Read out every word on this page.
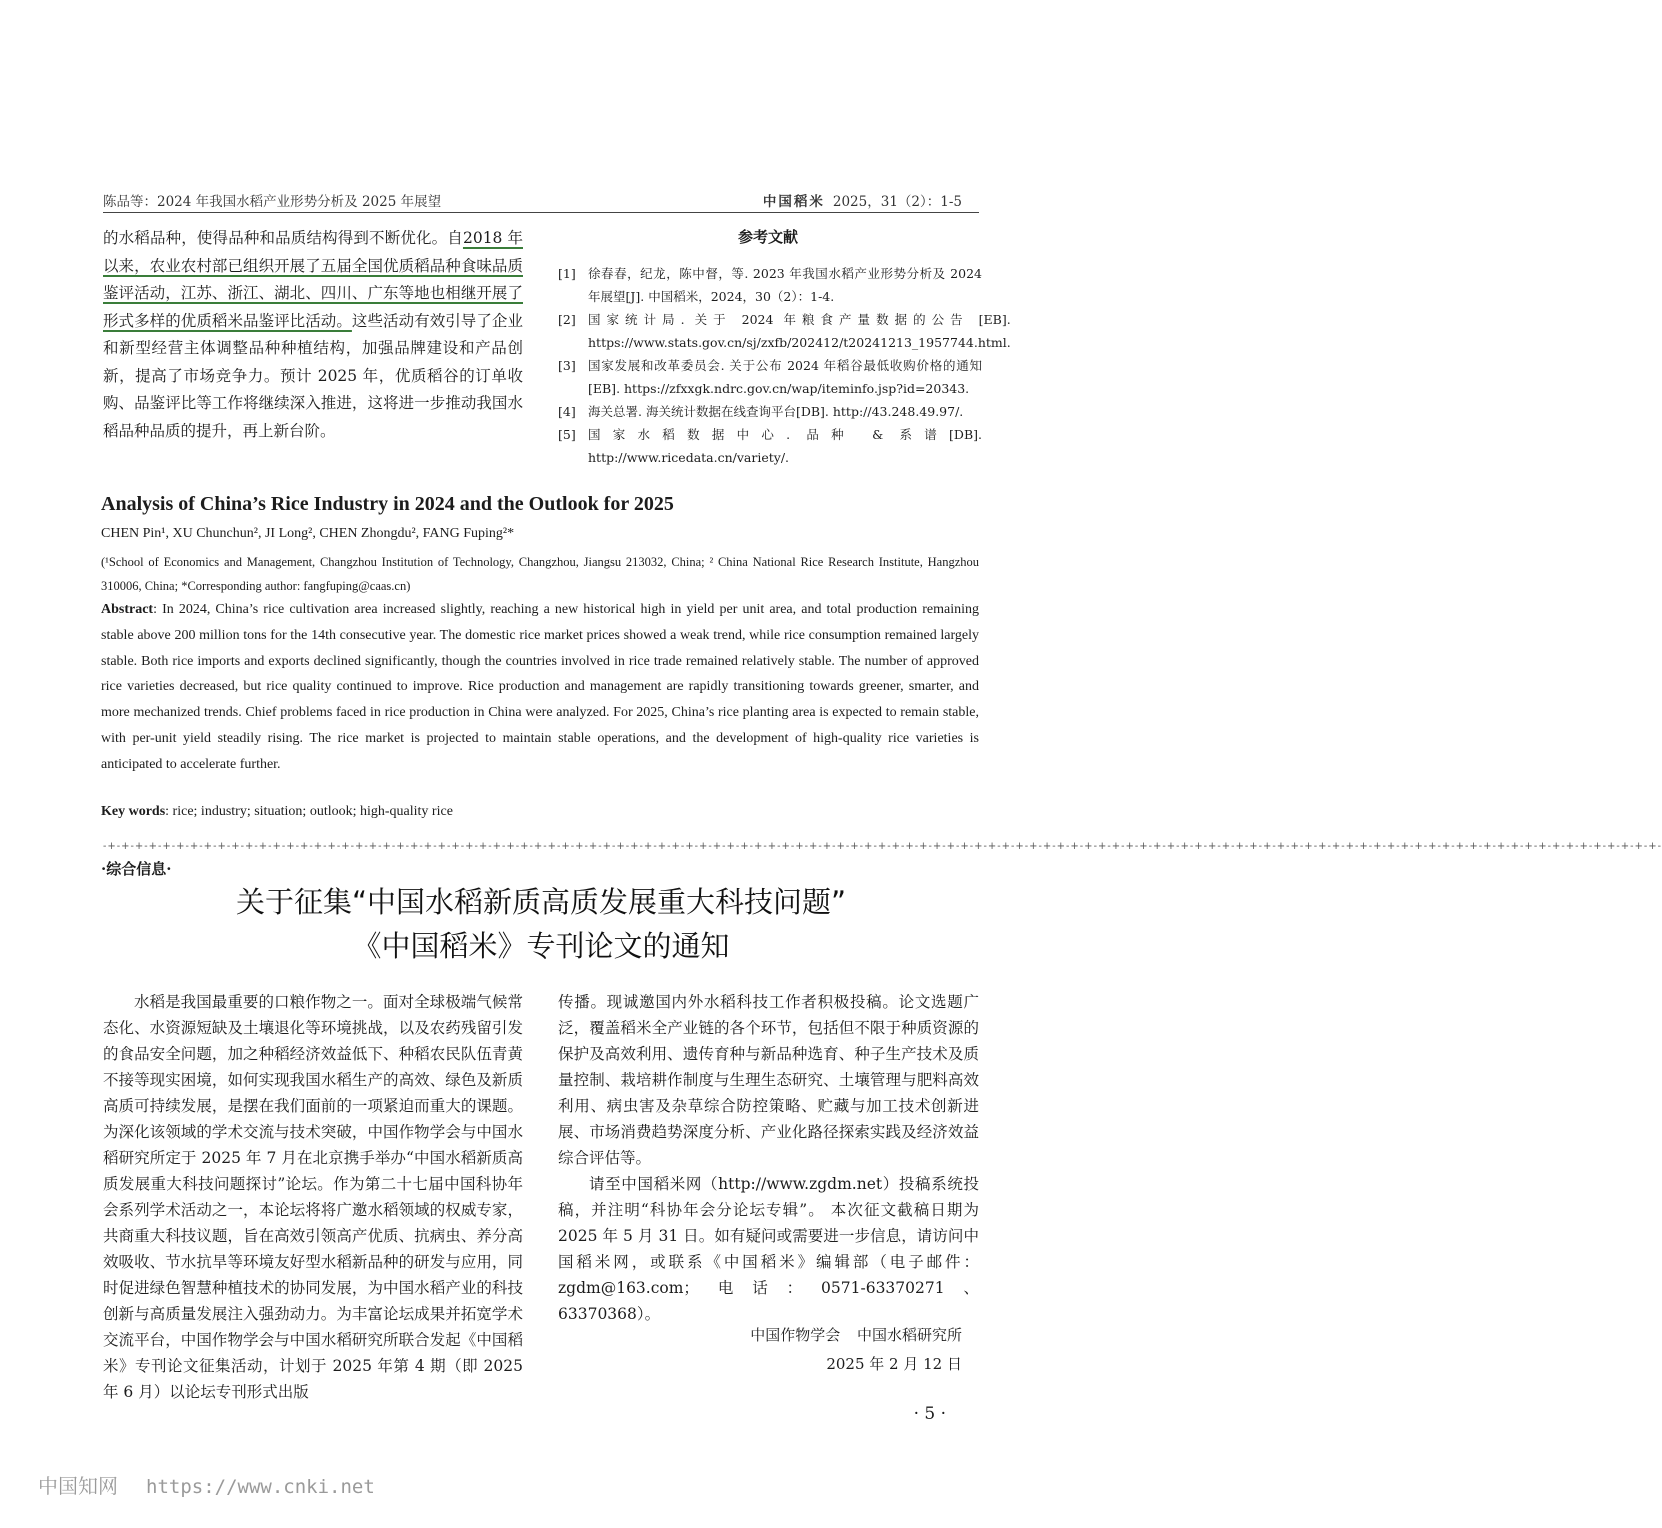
陈品等：2024 年我国水稻产业形势分析及 2025 年展望	中国稻米 2025，31（2）：1-5
的水稻品种，使得品种和品质结构得到不断优化。自2018 年以来，农业农村部已组织开展了五届全国优质稻品种食味品质鉴评活动，江苏、浙江、湖北、四川、广东等地也相继开展了形式多样的优质稻米品鉴评比活动。这些活动有效引导了企业和新型经营主体调整品种种植结构，加强品牌建设和产品创新，提高了市场竞争力。预计 2025 年，优质稻谷的订单收购、品鉴评比等工作将继续深入推进，这将进一步推动我国水稻品种品质的提升，再上新台阶。
参考文献
[1] 徐春春，纪龙，陈中督，等. 2023 年我国水稻产业形势分析及 2024 年展望[J]. 中国稻米，2024，30（2）：1-4.
[2] 国家统计局. 关于 2024 年粮食产量数据的公告 [EB]. https://www.stats.gov.cn/sj/zxfb/202412/t20241213_1957744.html.
[3] 国家发展和改革委员会. 关于公布 2024 年稻谷最低收购价格的通知[EB]. https://zfxxgk.ndrc.gov.cn/wap/iteminfo.jsp?id=20343.
[4] 海关总署. 海关统计数据在线查询平台[DB]. http://43.248.49.97/.
[5] 国家水稻数据中心. 品种 & 系谱[DB]. http://www.ricedata.cn/variety/.
Analysis of China’s Rice Industry in 2024 and the Outlook for 2025
CHEN Pin¹, XU Chunchun², JI Long², CHEN Zhongdu², FANG Fuping²*
(¹School of Economics and Management, Changzhou Institution of Technology, Changzhou, Jiangsu 213032, China; ² China National Rice Research Institute, Hangzhou 310006, China; *Corresponding author: fangfuping@caas.cn)
Abstract: In 2024, China’s rice cultivation area increased slightly, reaching a new historical high in yield per unit area, and total production remaining stable above 200 million tons for the 14th consecutive year. The domestic rice market prices showed a weak trend, while rice consumption remained largely stable. Both rice imports and exports declined significantly, though the countries involved in rice trade remained relatively stable. The number of approved rice varieties decreased, but rice quality continued to improve. Rice production and management are rapidly transitioning towards greener, smarter, and more mechanized trends. Chief problems faced in rice production in China were analyzed. For 2025, China’s rice planting area is expected to remain stable, with per-unit yield steadily rising. The rice market is projected to maintain stable operations, and the development of high-quality rice varieties is anticipated to accelerate further.
Key words: rice; industry; situation; outlook; high-quality rice
-+-+-+-+-+-+-+-+-+-+-+-+-+-+-+-+-+-+-+-+-+-+-+-+-+-+-+-+-+-+-+-+-+-+-+-+-+-+-+-+-+-+-+-+-+-+-+-+-+-+-+-+-+-+-+-+-+-+-+-+-+-+-+-+-+-+-+-+-+-+-+-+-+-+-+-+-+-+-+-+-+-+-+-+-+-+-+-+-+-+-+-+-+-+-+-+-+-+-+-+-+-+-+-+-+-+-+-+-+-+-+-+-+-
·综合信息·
关于征集“中国水稻新质高质发展重大科技问题”
《中国稻米》专刊论文的通知
水稻是我国最重要的口粮作物之一。面对全球极端气候常态化、水资源短缺及土壤退化等环境挑战，以及农药残留引发的食品安全问题，加之种稻经济效益低下、种稻农民队伍青黄不接等现实困境，如何实现我国水稻生产的高效、绿色及新质高质可持续发展，是摆在我们面前的一项紧迫而重大的课题。为深化该领域的学术交流与技术突破，中国作物学会与中国水稻研究所定于 2025 年 7 月在北京携手举办“中国水稻新质高质发展重大科技问题探讨”论坛。作为第二十七届中国科协年会系列学术活动之一，本论坛将将广邀水稻领域的权威专家，共商重大科技议题，旨在高效引领高产优质、抗病虫、养分高效吸收、节水抗旱等环境友好型水稻新品种的研发与应用，同时促进绿色智慧种植技术的协同发展，为中国水稻产业的科技创新与高质量发展注入强劲动力。为丰富论坛成果并拓宽学术交流平台，中国作物学会与中国水稻研究所联合发起《中国稻米》专刊论文征集活动，计划于 2025 年第 4 期（即 2025 年 6 月）以论坛专刊形式出版
传播。现诚邀国内外水稻科技工作者积极投稿。论文选题广泛，覆盖稻米全产业链的各个环节，包括但不限于种质资源的保护及高效利用、遗传育种与新品种选育、种子生产技术及质量控制、栽培耕作制度与生理生态研究、土壤管理与肥料高效利用、病虫害及杂草综合防控策略、贮藏与加工技术创新进展、市场消费趋势深度分析、产业化路径探索实践及经济效益综合评估等。
请至中国稻米网（http://www.zgdm.net）投稿系统投稿，并注明“科协年会分论坛专辑”。 本次征文截稿日期为 2025 年 5 月 31 日。如有疑问或需要进一步信息，请访问中国稻米网，或联系《中国稻米》编辑部（电子邮件：zgdm@163.com；电话：0571-63370271、63370368）。
中国作物学会 中国水稻研究所
2025 年 2 月 12 日
· 5 ·
中国知网 https://www.cnki.net
